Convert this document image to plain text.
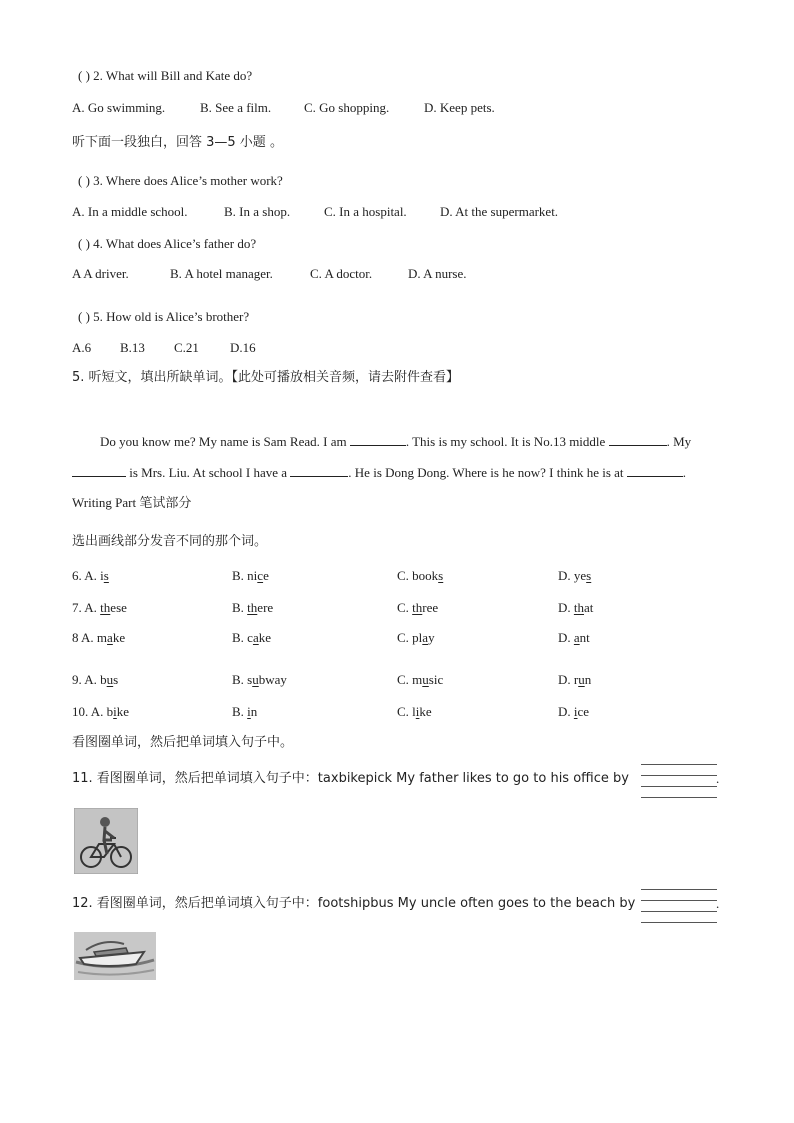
( ) 2. What will Bill and Kate do?
A. Go swimming.	B. See a film.	C. Go shopping.	D. Keep pets.
听下面一段独白，回答 3—5 小题 。
( ) 3. Where does Alice’s mother work?
A. In a middle school.	B. In a shop.	C. In a hospital.	D. At the supermarket.
( ) 4. What does Alice’s father do?
A A driver.	B. A hotel manager.	C. A doctor.	D. A nurse.
( ) 5. How old is Alice’s brother?
A.6 B.13 C.21 D.16
5. 听短文，填出所缺单词。【此处可播放相关音频，请去附件查看】
Do you know me? My name is Sam Read. I am	. This is my school. It is No.13 middle	. My
is Mrs. Liu. At school I have a	. He is Dong Dong. Where is he now? I think he is at	.
Writing Part 笔试部分
选出画线部分发音不同的那个词。
6. A. is	B. nice	C. books	D. yes
7. A. these	B. there	C. three	D. that
8 A. make	B. cake	C. play	D. ant
9. A. bus	B. subway	C. music	D. run
10. A. bike	B. in	C. like	D. ice
看图圈单词，然后把单词填入句子中。
11. 看图圈单词，然后把单词填入句子中：taxbikepick My father likes to go to his office by	.
12. 看图圈单词，然后把单词填入句子中：footshipbus My uncle often goes to the beach by	.
